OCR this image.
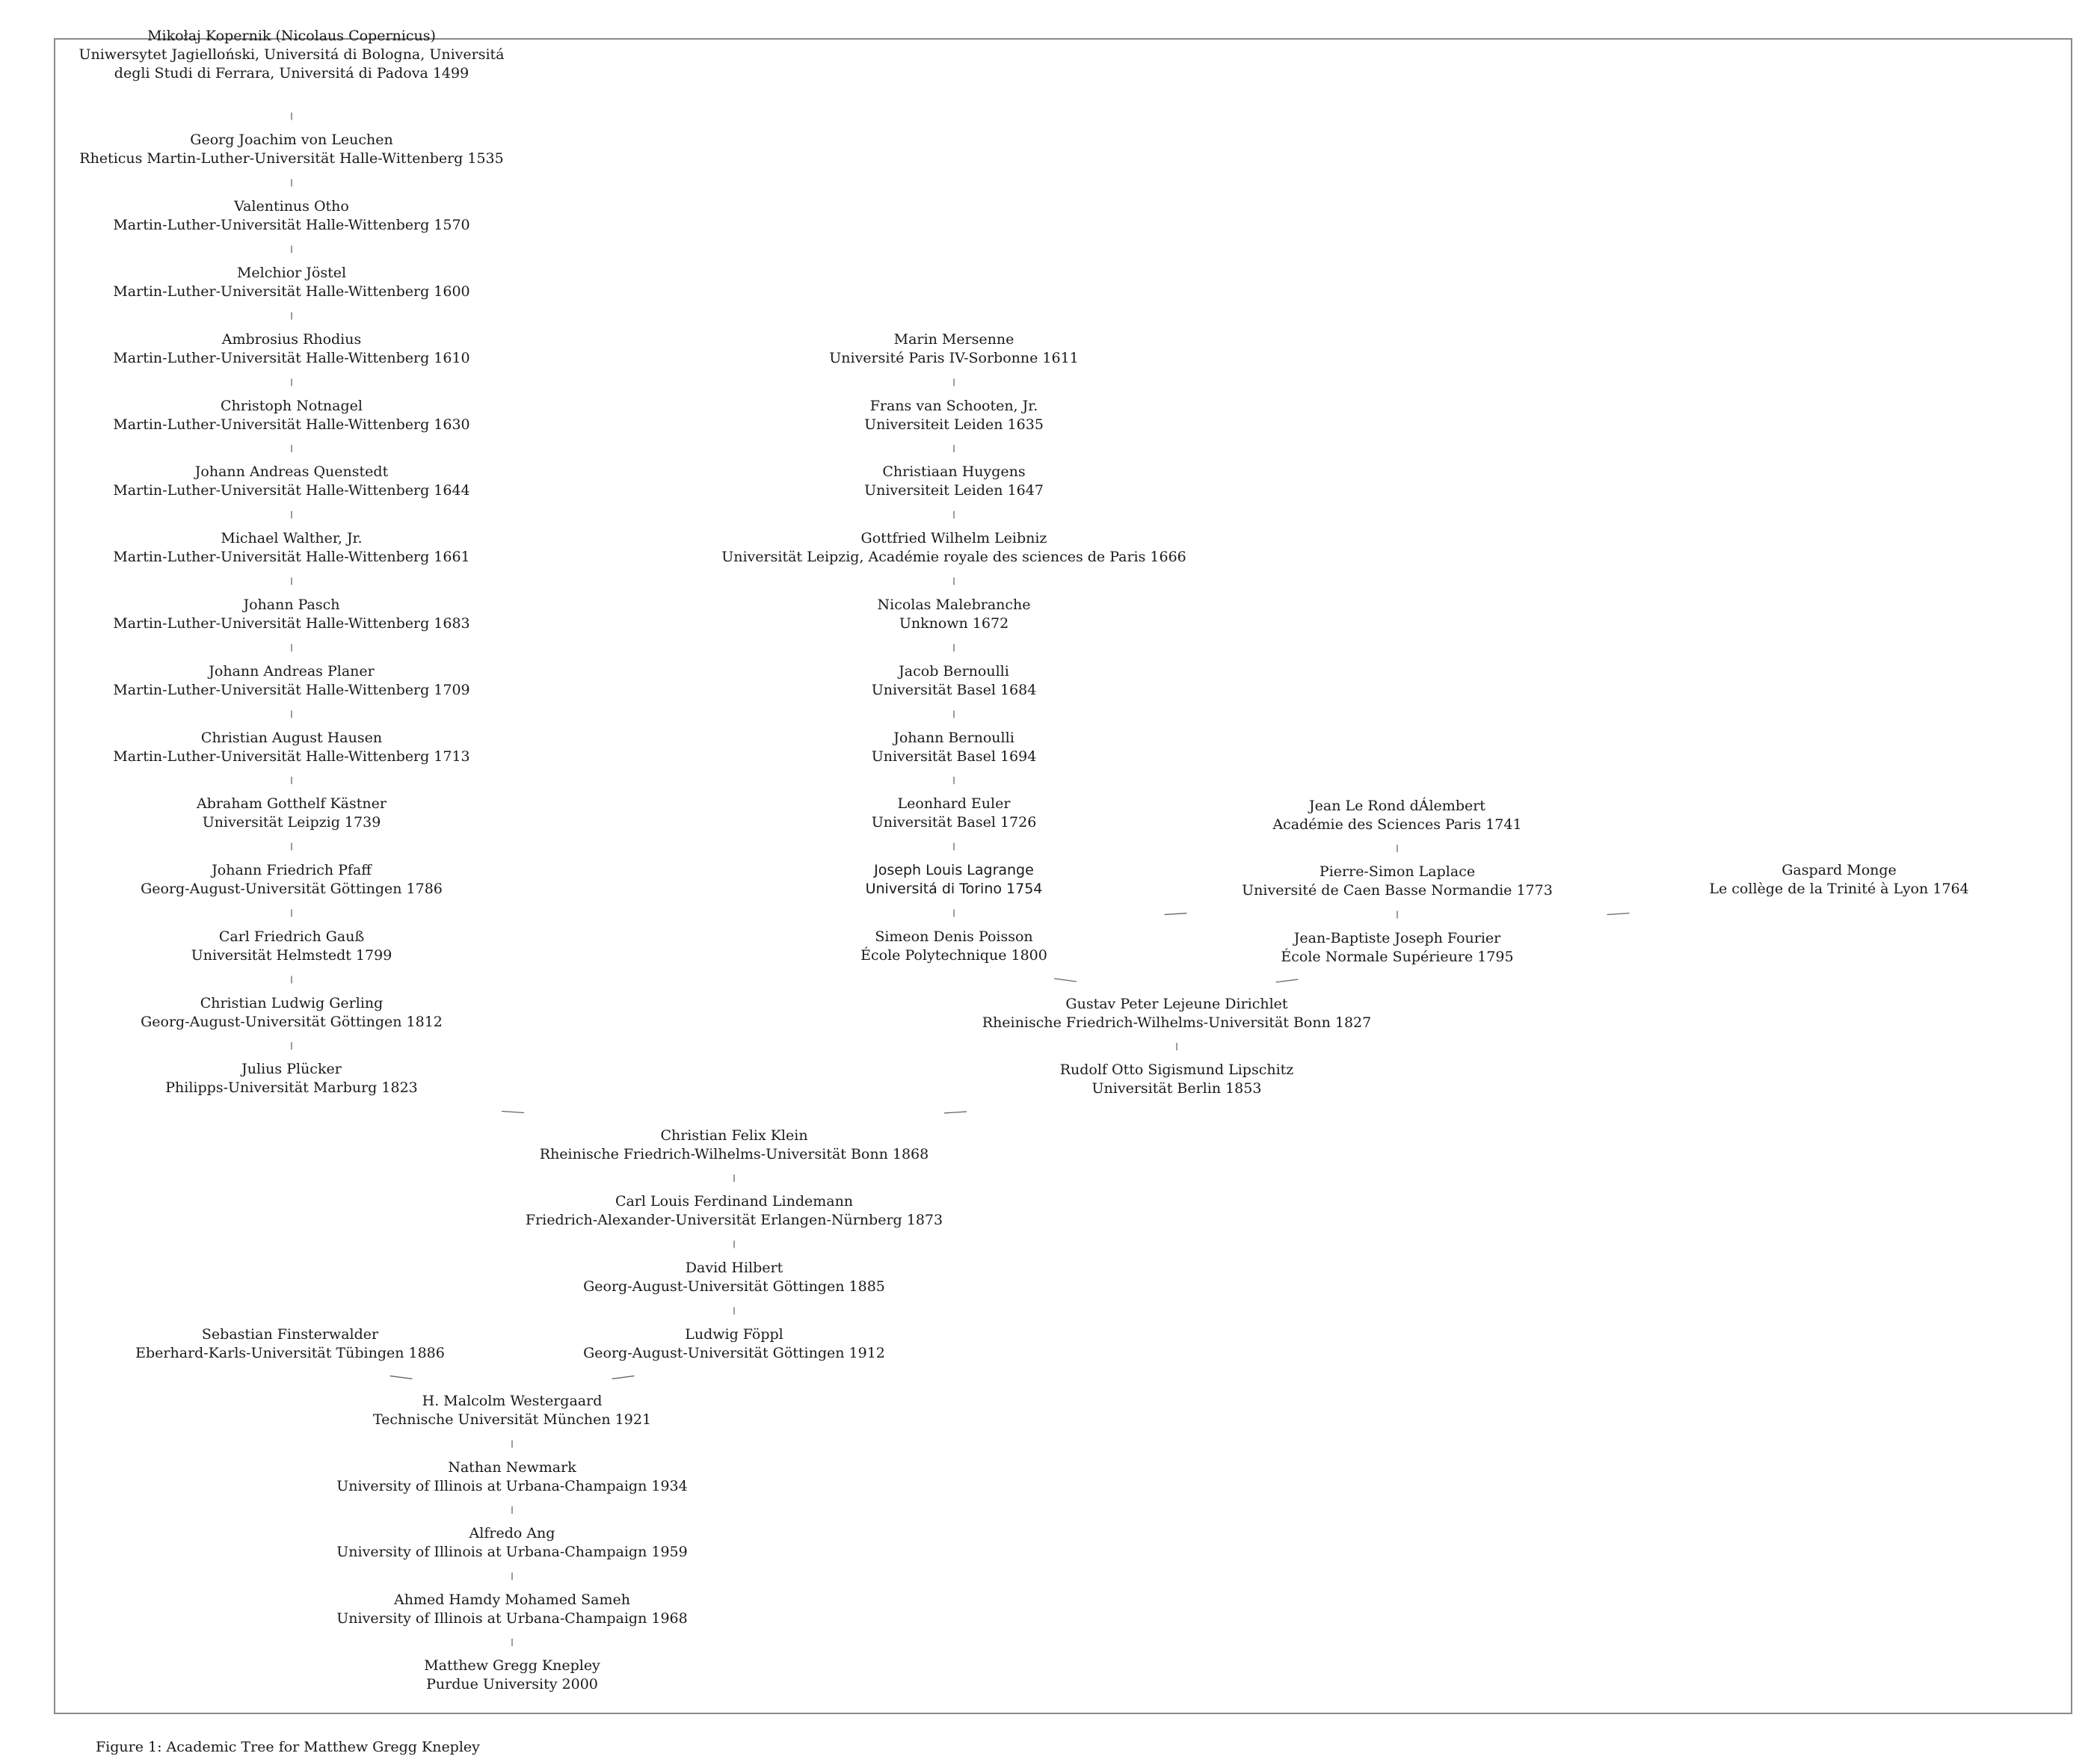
Mikołaj Kopernik (Nicolaus Copernicus)
Uniwersytet Jagielloński, Universitá di Bologna, Universitá degli Studi di Ferrara, Universitá di Padova 1499
Georg Joachim von Leuchen
Rheticus Martin-Luther-Universität Halle-Wittenberg 1535
Valentinus Otho
Martin-Luther-Universität Halle-Wittenberg 1570
Melchior Jöstel
Martin-Luther-Universität Halle-Wittenberg 1600
Ambrosius Rhodius
Martin-Luther-Universität Halle-Wittenberg 1610
Christoph Notnagel
Martin-Luther-Universität Halle-Wittenberg 1630
Johann Andreas Quenstedt
Martin-Luther-Universität Halle-Wittenberg 1644
Michael Walther, Jr.
Martin-Luther-Universität Halle-Wittenberg 1661
Johann Pasch
Martin-Luther-Universität Halle-Wittenberg 1683
Johann Andreas Planer
Martin-Luther-Universität Halle-Wittenberg 1709
Christian August Hausen
Martin-Luther-Universität Halle-Wittenberg 1713
Abraham Gotthelf Kästner
Universität Leipzig 1739
Johann Friedrich Pfaff
Georg-August-Universität Göttingen 1786
Carl Friedrich Gauß
Universität Helmstedt 1799
Christian Ludwig Gerling
Georg-August-Universität Göttingen 1812
Julius Plücker
Philipps-Universität Marburg 1823
Marin Mersenne
Université Paris IV-Sorbonne 1611
Frans van Schooten, Jr.
Universiteit Leiden 1635
Christiaan Huygens
Universiteit Leiden 1647
Gottfried Wilhelm Leibniz
Universität Leipzig, Académie royale des sciences de Paris 1666
Nicolas Malebranche
Unknown 1672
Jacob Bernoulli
Universität Basel 1684
Johann Bernoulli
Universität Basel 1694
Leonhard Euler
Universität Basel 1726
Joseph Louis Lagrange
Universitá di Torino 1754
Simeon Denis Poisson
École Polytechnique 1800
Jean Le Rond dÁlembert
Académie des Sciences Paris 1741
Pierre-Simon Laplace
Université de Caen Basse Normandie 1773
Jean-Baptiste Joseph Fourier
École Normale Supérieure 1795
Gaspard Monge
Le collège de la Trinité à Lyon 1764
Gustav Peter Lejeune Dirichlet
Rheinische Friedrich-Wilhelms-Universität Bonn 1827
Rudolf Otto Sigismund Lipschitz
Universität Berlin 1853
Christian Felix Klein
Rheinische Friedrich-Wilhelms-Universität Bonn 1868
Carl Louis Ferdinand Lindemann
Friedrich-Alexander-Universität Erlangen-Nürnberg 1873
David Hilbert
Georg-August-Universität Göttingen 1885
Sebastian Finsterwalder
Eberhard-Karls-Universität Tübingen 1886
Ludwig Föppl
Georg-August-Universität Göttingen 1912
H. Malcolm Westergaard
Technische Universität München 1921
Nathan Newmark
University of Illinois at Urbana-Champaign 1934
Alfredo Ang
University of Illinois at Urbana-Champaign 1959
Ahmed Hamdy Mohamed Sameh
University of Illinois at Urbana-Champaign 1968
Matthew Gregg Knepley
Purdue University 2000
Figure 1: Academic Tree for Matthew Gregg Knepley
